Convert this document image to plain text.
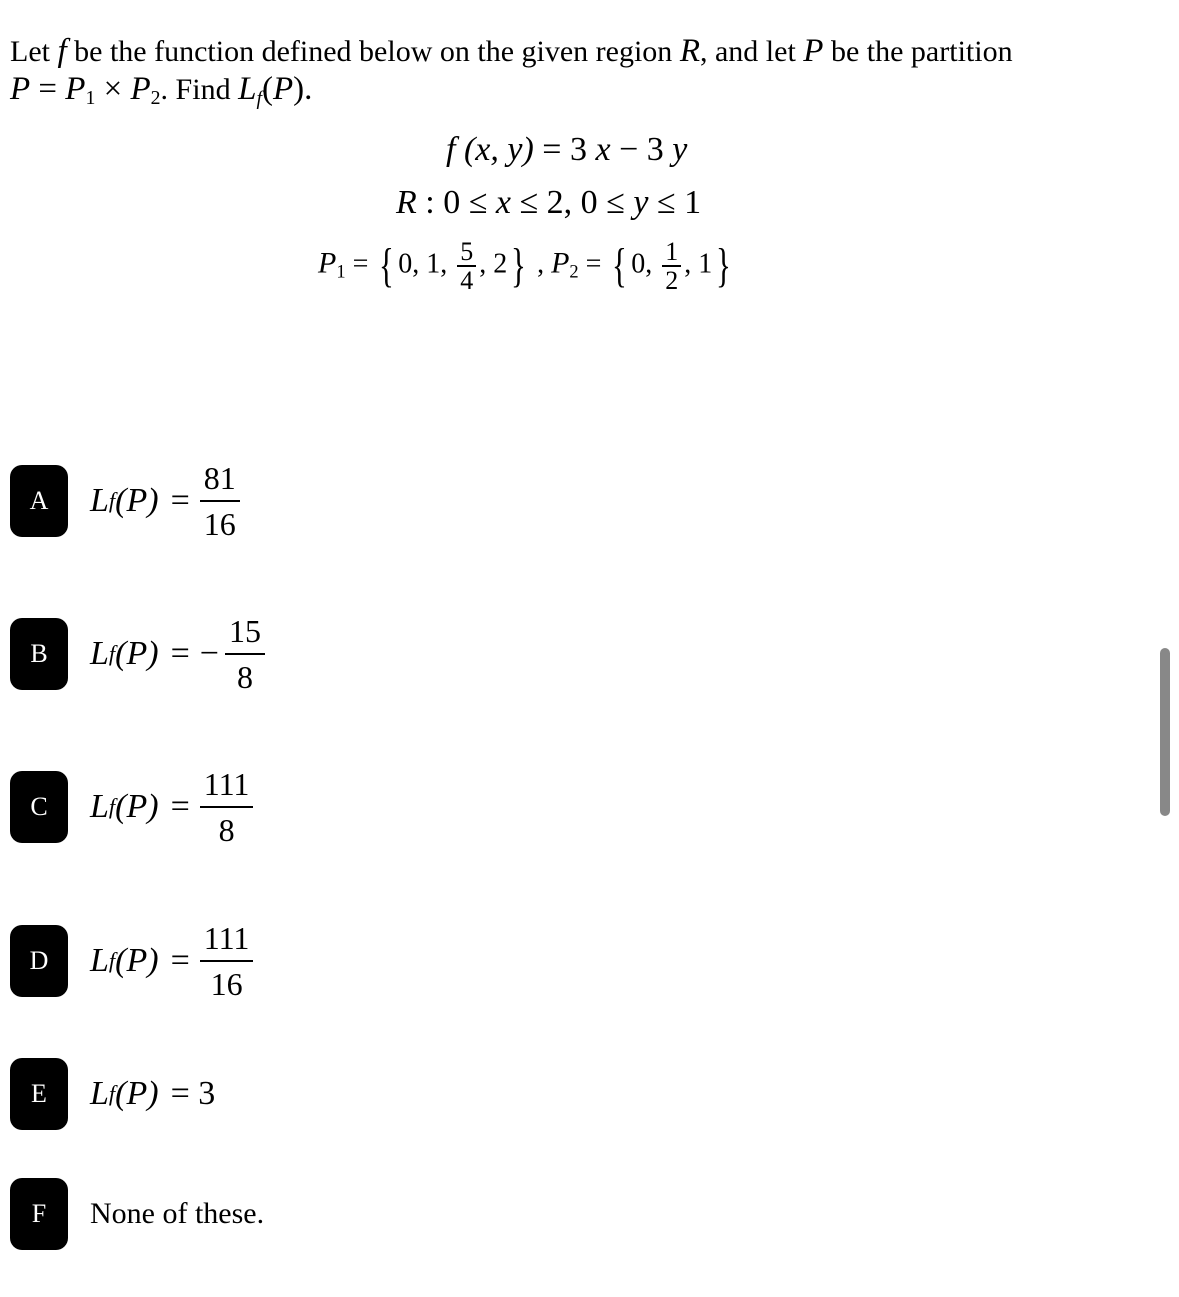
Let f be the function defined below on the given region R, and let P be the partition
$P = P_1 \times P_2$. Find Lf(P).
f (x, y) = 3 x − 3 y
R : 0 ≤ x ≤ 2, 0 ≤ y ≤ 1
$P_1$ = { 0, 1, $\frac{5}{4}$ , 2} , $P_2$ = { 0, $\frac{1}{2}$ , 1}
A	L f $(P) = \frac{81}{16}$
B	L f (P) = − $\frac{15}{8}$
C	L f $(P) = \frac{111}{8}$
D	L f $(P) = \frac{111}{16}$
E	L f (P) = 3
F	None of these.
